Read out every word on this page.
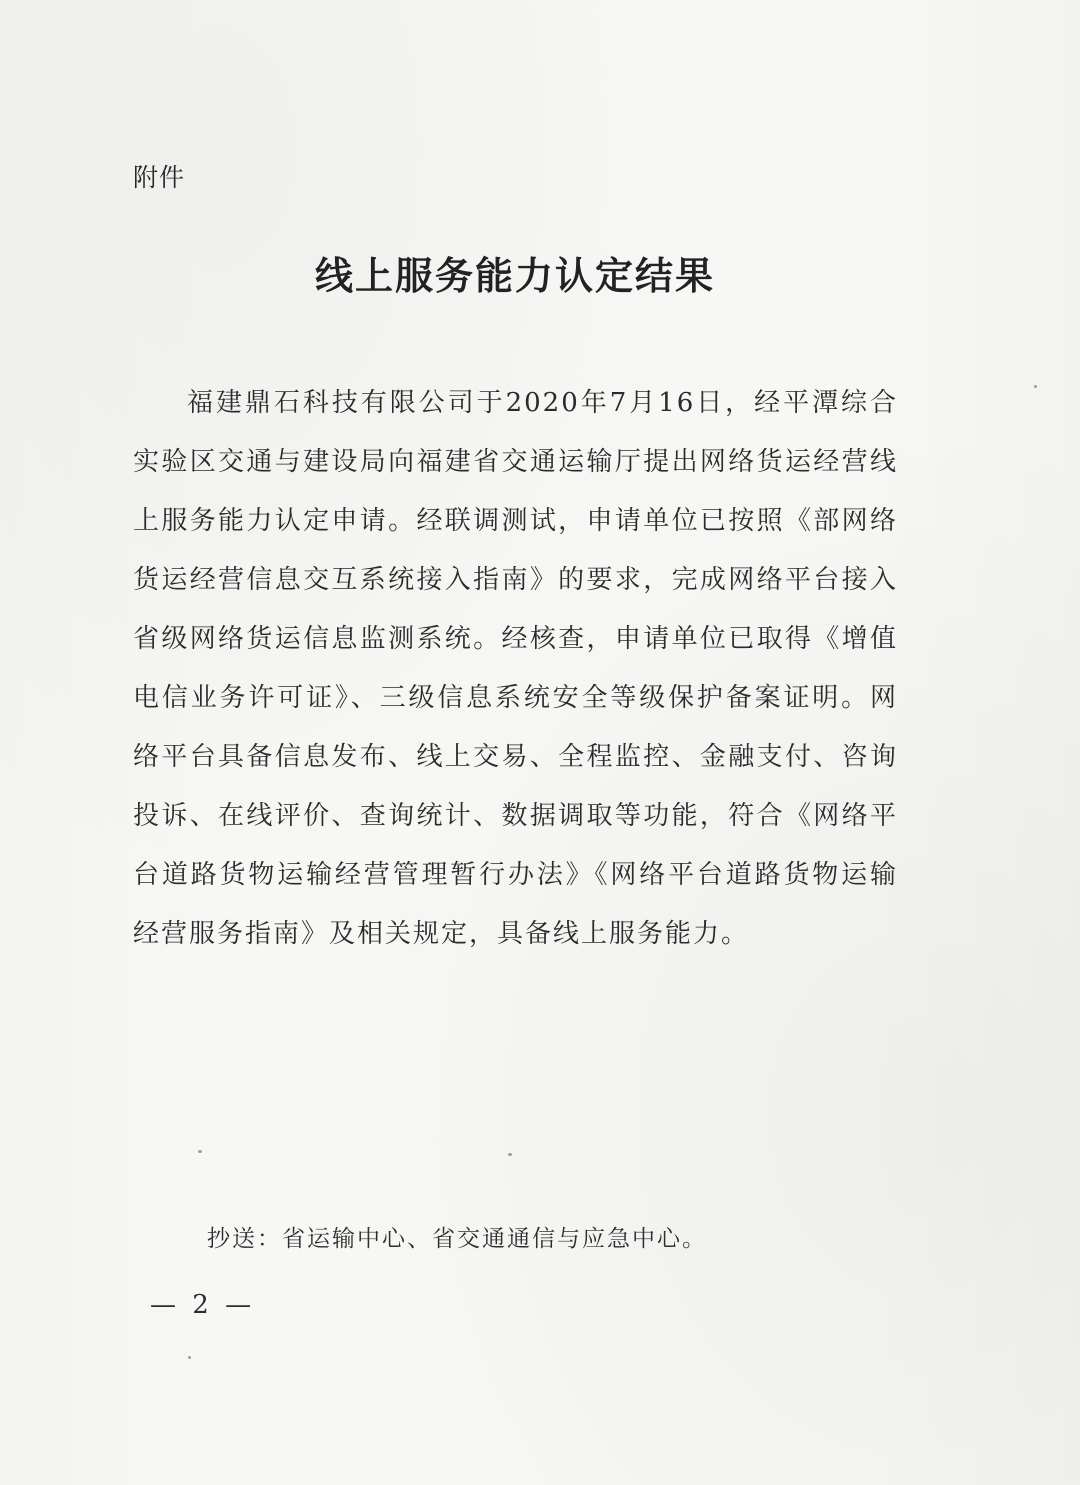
附件
线上服务能力认定结果

福建鼎石科技有限公司于2020年7月16日，经平潭综合实验区交通与建设局向福建省交通运输厅提出网络货运经营线上服务能力认定申请。经联调测试，申请单位已按照《部网络货运经营信息交互系统接入指南》的要求，完成网络平台接入省级网络货运信息监测系统。经核查，申请单位已取得《增值电信业务许可证》、三级信息系统安全等级保护备案证明。网络平台具备信息发布、线上交易、全程监控、金融支付、咨询投诉、在线评价、查询统计、数据调取等功能，符合《网络平台道路货物运输经营管理暂行办法》《网络平台道路货物运输经营服务指南》及相关规定，具备线上服务能力。

抄送：省运输中心、省交通通信与应急中心。
— 2 —
